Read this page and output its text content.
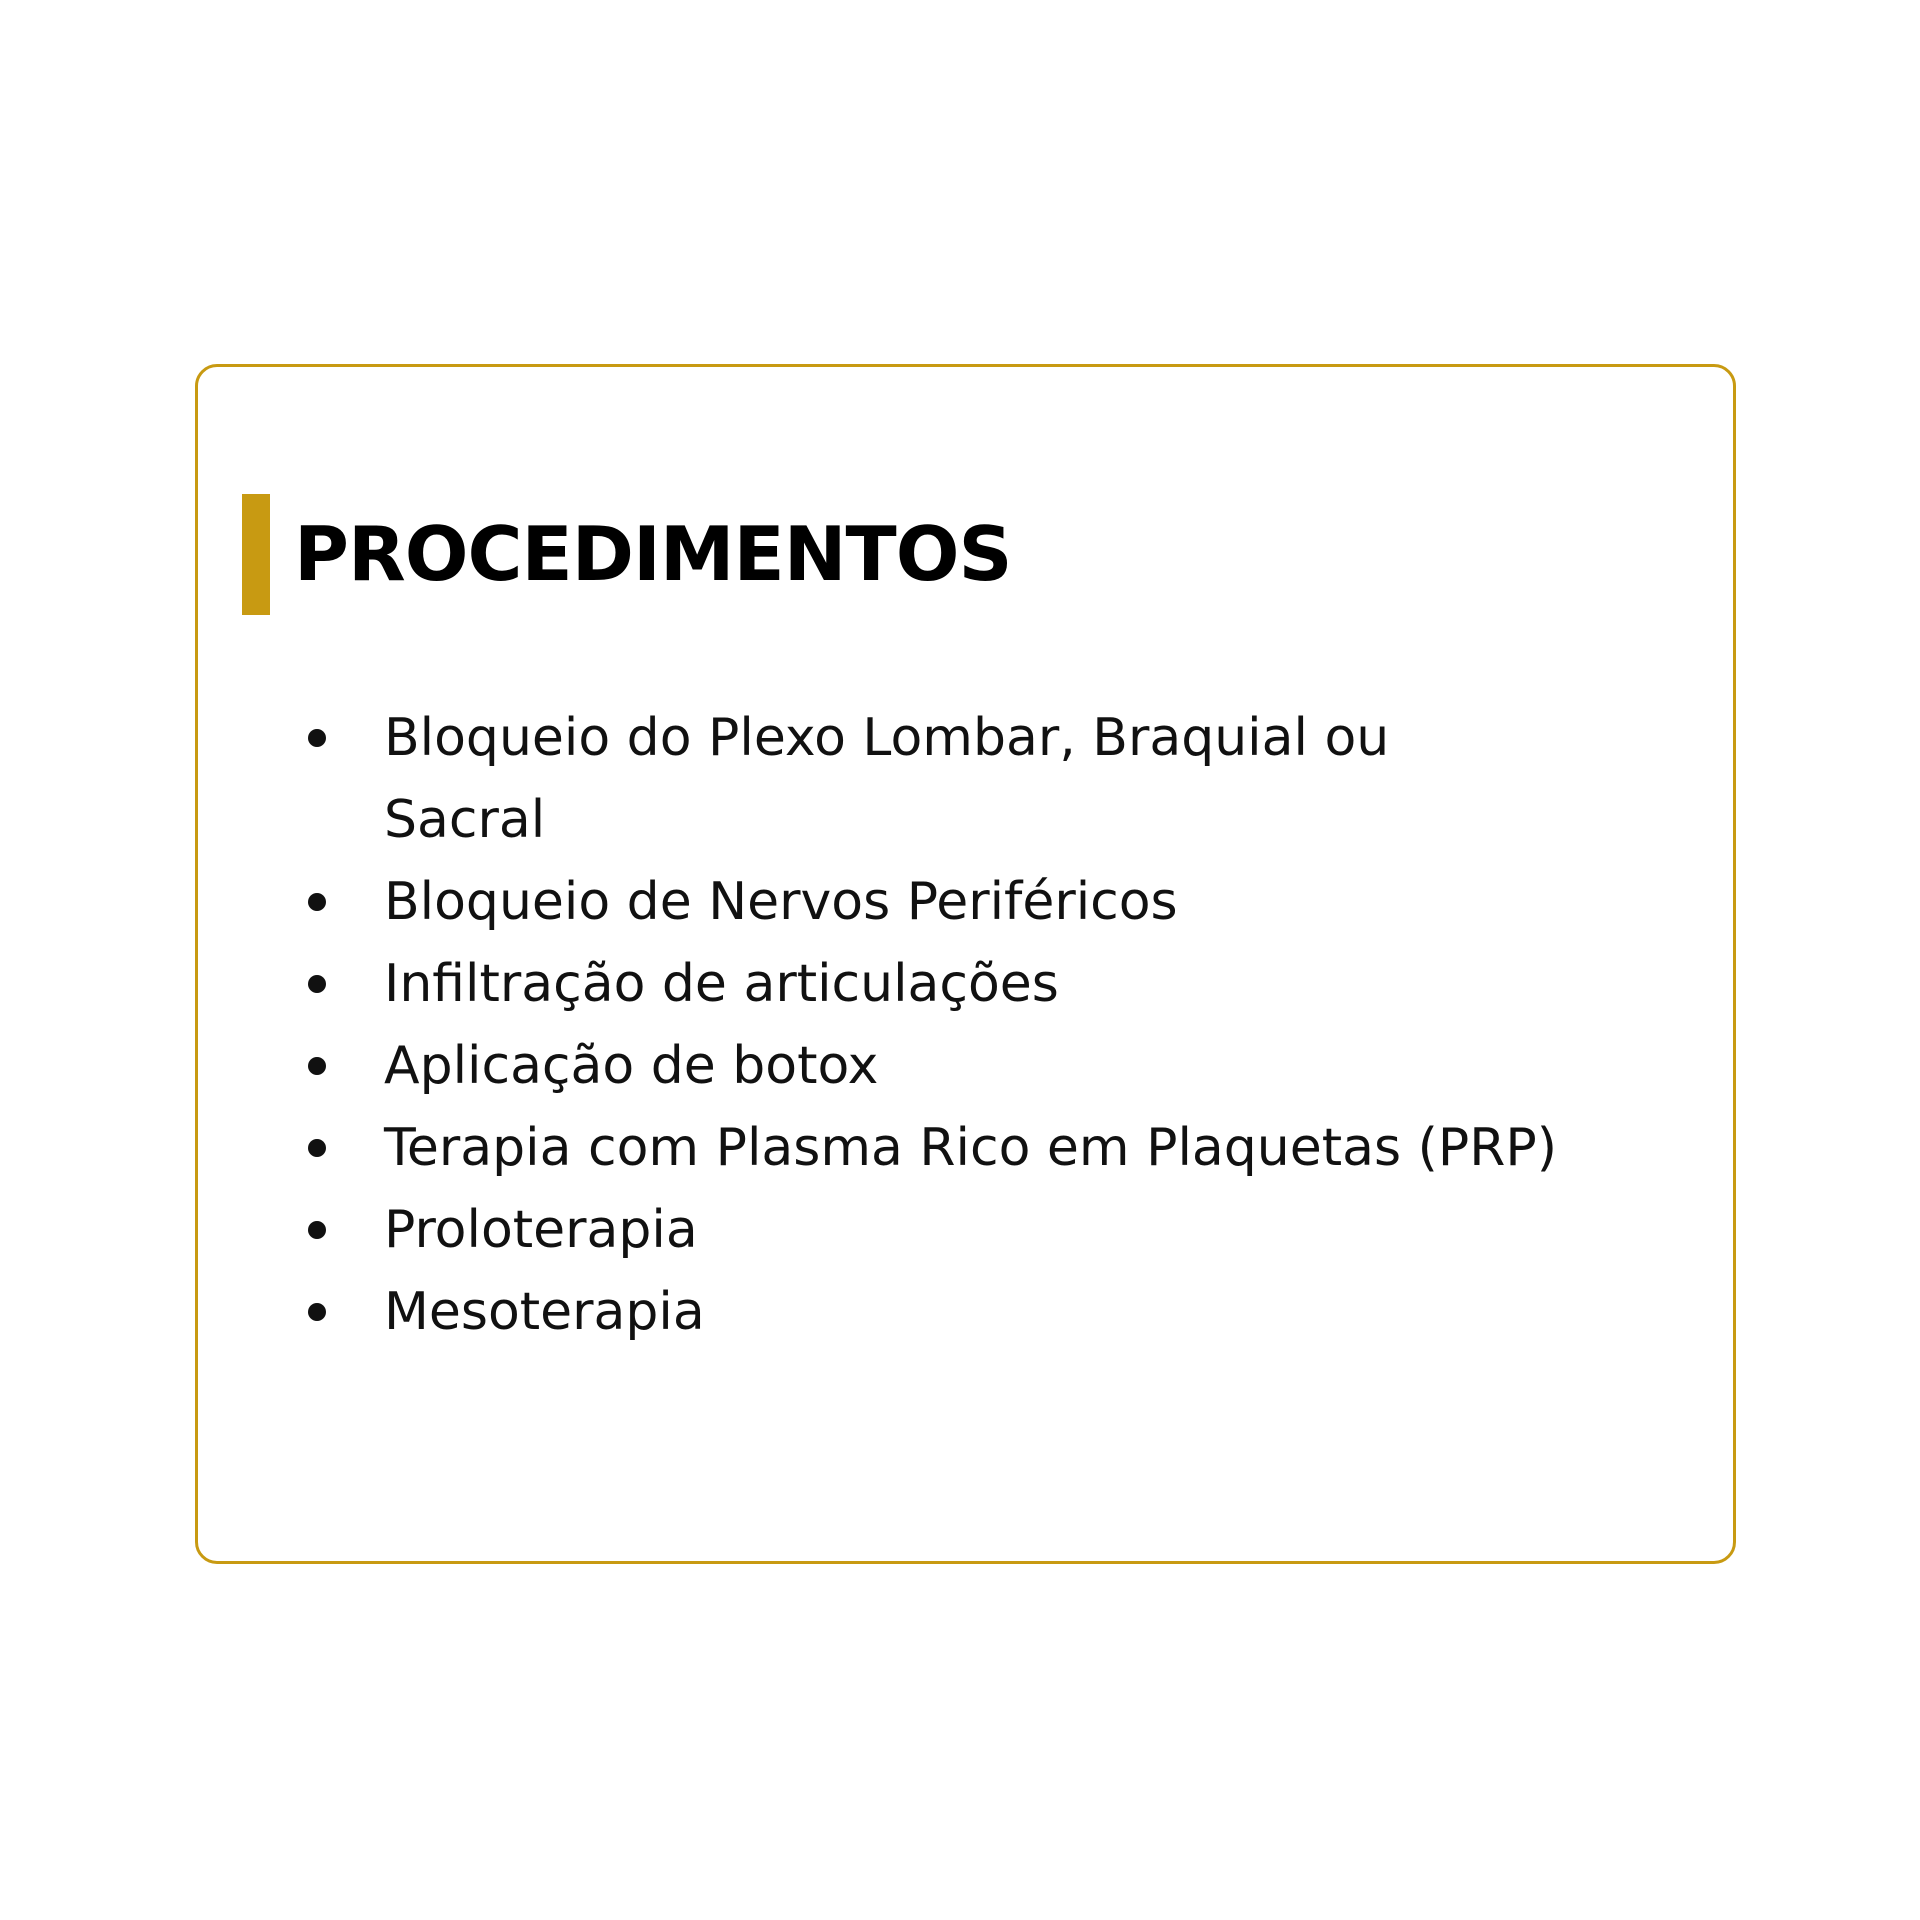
PROCEDIMENTOS
Bloqueio do Plexo Lombar, Braquial ou Sacral
Bloqueio de Nervos Periféricos
Infiltração de articulações
Aplicação de botox
Terapia com Plasma Rico em Plaquetas (PRP)
Proloterapia
Mesoterapia
